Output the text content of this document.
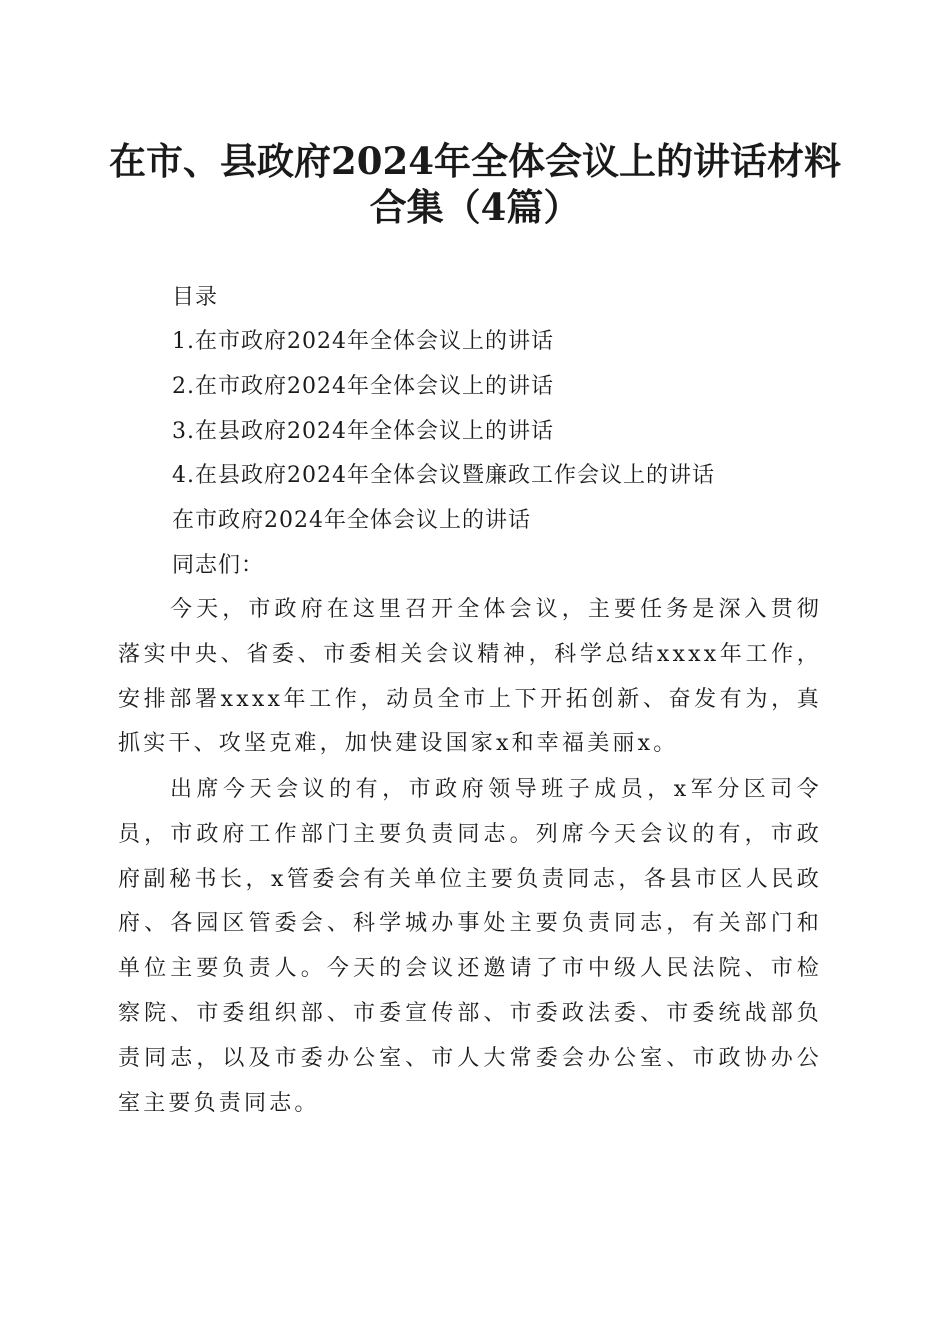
在市、县政府2024年全体会议上的讲话材料
合集（4篇）
目录
1.在市政府2024年全体会议上的讲话
2.在市政府2024年全体会议上的讲话
3.在县政府2024年全体会议上的讲话
4.在县政府2024年全体会议暨廉政工作会议上的讲话
在市政府2024年全体会议上的讲话
同志们：

今天，市政府在这里召开全体会议，主要任务是深入贯彻落实中央、省委、市委相关会议精神，科学总结xxxx年工作，安排部署xxxx年工作，动员全市上下开拓创新、奋发有为，真抓实干、攻坚克难，加快建设国家x和幸福美丽x。

出席今天会议的有，市政府领导班子成员，x军分区司令员，市政府工作部门主要负责同志。列席今天会议的有，市政府副秘书长，x管委会有关单位主要负责同志，各县市区人民政府、各园区管委会、科学城办事处主要负责同志，有关部门和单位主要负责人。今天的会议还邀请了市中级人民法院、市检察院、市委组织部、市委宣传部、市委政法委、市委统战部负责同志，以及市委办公室、市人大常委会办公室、市政协办公室主要负责同志。
